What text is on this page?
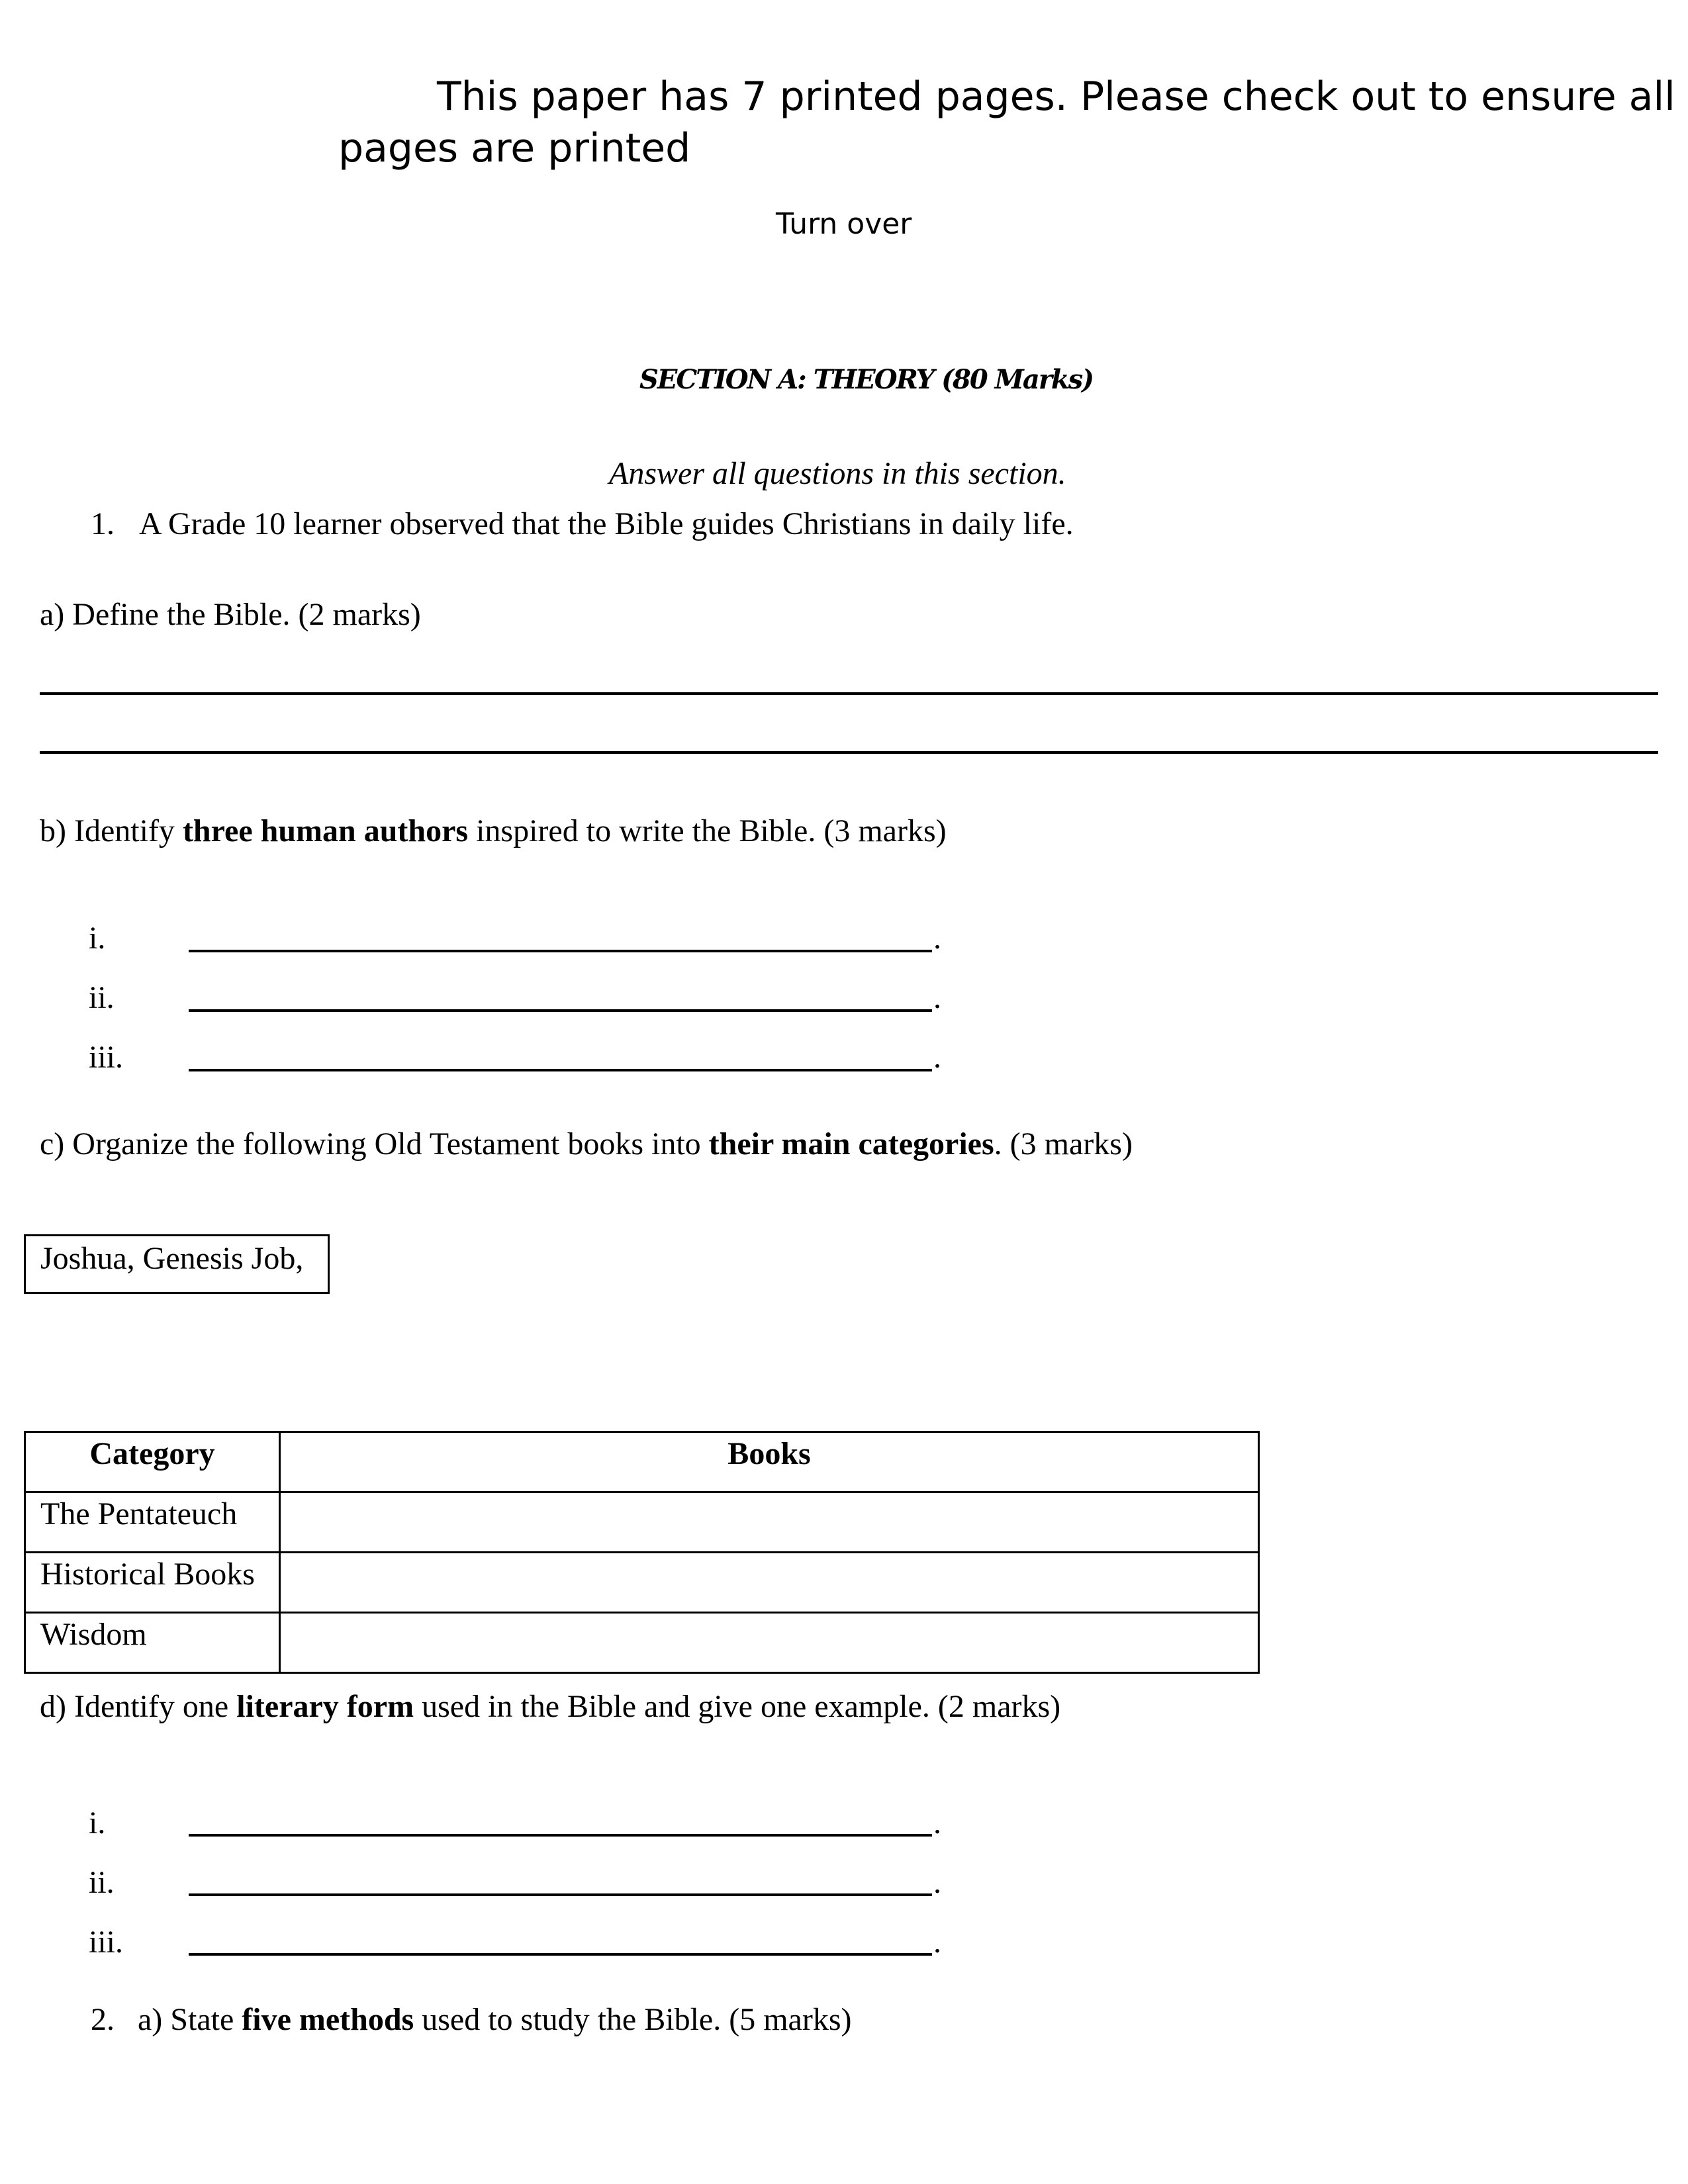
This paper has 7 printed pages. Please check out to ensure all
pages are printed
Turn over
SECTION A: THEORY (80 Marks)
Answer all questions in this section.
1. A Grade 10 learner observed that the Bible guides Christians in daily life.
a) Define the Bible. (2 marks)
b) Identify three human authors inspired to write the Bible. (3 marks)
i.	.
ii.	.
iii.	.
c) Organize the following Old Testament books into their main categories. (3 marks)
Joshua, Genesis Job,
Category	Books
The Pentateuch	
Historical Books	
Wisdom	
d) Identify one literary form used in the Bible and give one example. (2 marks)
i.	.
ii.	.
iii.	.
2. a) State five methods used to study the Bible. (5 marks)
